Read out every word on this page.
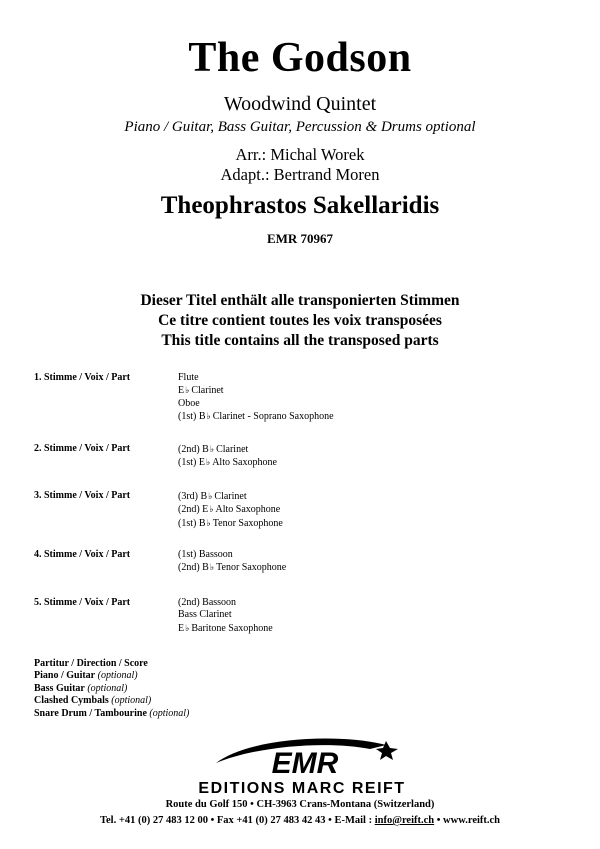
The Godson
Woodwind Quintet
Piano / Guitar, Bass Guitar, Percussion & Drums optional
Arr.: Michal Worek
Adapt.: Bertrand Moren
Theophrastos Sakellaridis
EMR 70967
Dieser Titel enthält alle transponierten Stimmen
Ce titre contient toutes les voix transposées
This title contains all the transposed parts
1. Stimme / Voix / Part	Flute
E♭ Clarinet
Oboe
(1st) B♭ Clarinet - Soprano Saxophone
2. Stimme / Voix / Part	(2nd) B♭ Clarinet
(1st) E♭ Alto Saxophone
3. Stimme / Voix / Part	(3rd) B♭ Clarinet
(2nd) E♭ Alto Saxophone
(1st) B♭ Tenor Saxophone
4. Stimme / Voix / Part	(1st) Bassoon
(2nd) B♭ Tenor Saxophone
5. Stimme / Voix / Part	(2nd) Bassoon
Bass Clarinet
E♭ Baritone Saxophone
Partitur / Direction / Score
Piano / Guitar (optional)
Bass Guitar (optional)
Clashed Cymbals (optional)
Snare Drum / Tambourine (optional)
EMR
EDITIONS MARC REIFT
Route du Golf 150 • CH-3963 Crans-Montana (Switzerland)
Tel. +41 (0) 27 483 12 00 • Fax +41 (0) 27 483 42 43 • E-Mail : info@reift.ch • www.reift.ch
